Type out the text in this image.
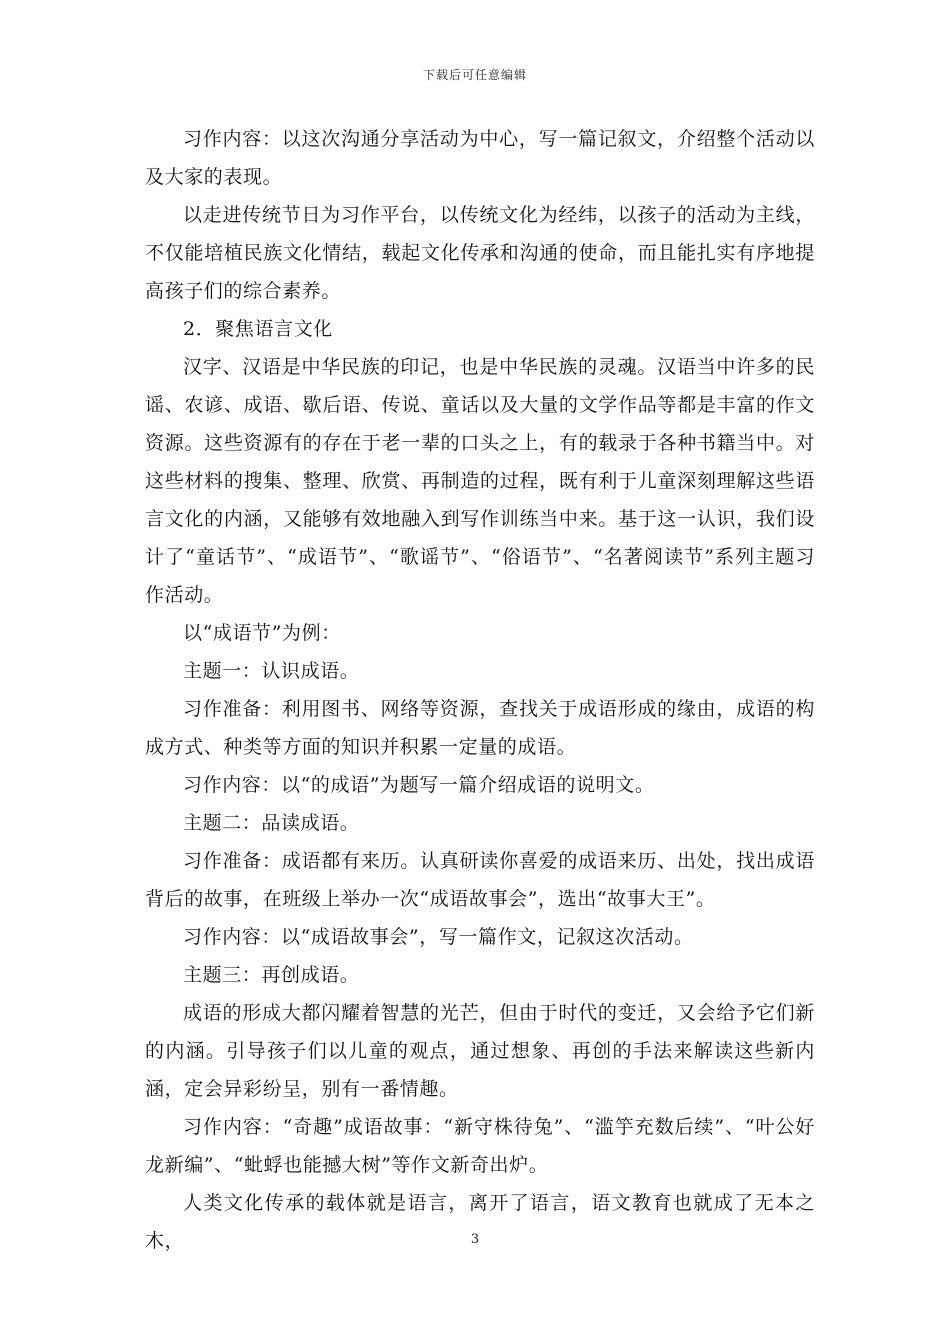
下载后可任意编辑

习作内容：以这次沟通分享活动为中心，写一篇记叙文，介绍整个活动以及大家的表现。

以走进传统节日为习作平台，以传统文化为经纬，以孩子的活动为主线，不仅能培植民族文化情结，载起文化传承和沟通的使命，而且能扎实有序地提高孩子们的综合素养。

2．聚焦语言文化

汉字、汉语是中华民族的印记，也是中华民族的灵魂。汉语当中许多的民谣、农谚、成语、歇后语、传说、童话以及大量的文学作品等都是丰富的作文资源。这些资源有的存在于老一辈的口头之上，有的载录于各种书籍当中。对这些材料的搜集、整理、欣赏、再制造的过程，既有利于儿童深刻理解这些语言文化的内涵，又能够有效地融入到写作训练当中来。基于这一认识，我们设计了“童话节”、“成语节”、“歌谣节”、“俗语节”、“名著阅读节”系列主题习作活动。

以“成语节”为例：

主题一：认识成语。

习作准备：利用图书、网络等资源，查找关于成语形成的缘由，成语的构成方式、种类等方面的知识并积累一定量的成语。

习作内容：以“的成语”为题写一篇介绍成语的说明文。

主题二：品读成语。

习作准备：成语都有来历。认真研读你喜爱的成语来历、出处，找出成语背后的故事，在班级上举办一次“成语故事会”，选出“故事大王”。

习作内容：以“成语故事会”，写一篇作文，记叙这次活动。

主题三：再创成语。

成语的形成大都闪耀着智慧的光芒，但由于时代的变迁，又会给予它们新的内涵。引导孩子们以儿童的观点，通过想象、再创的手法来解读这些新内涵，定会异彩纷呈，别有一番情趣。

习作内容：“奇趣”成语故事：“新守株待兔”、“滥竽充数后续”、“叶公好龙新编”、“蚍蜉也能撼大树”等作文新奇出炉。

人类文化传承的载体就是语言，离开了语言，语文教育也就成了无本之木，	3
